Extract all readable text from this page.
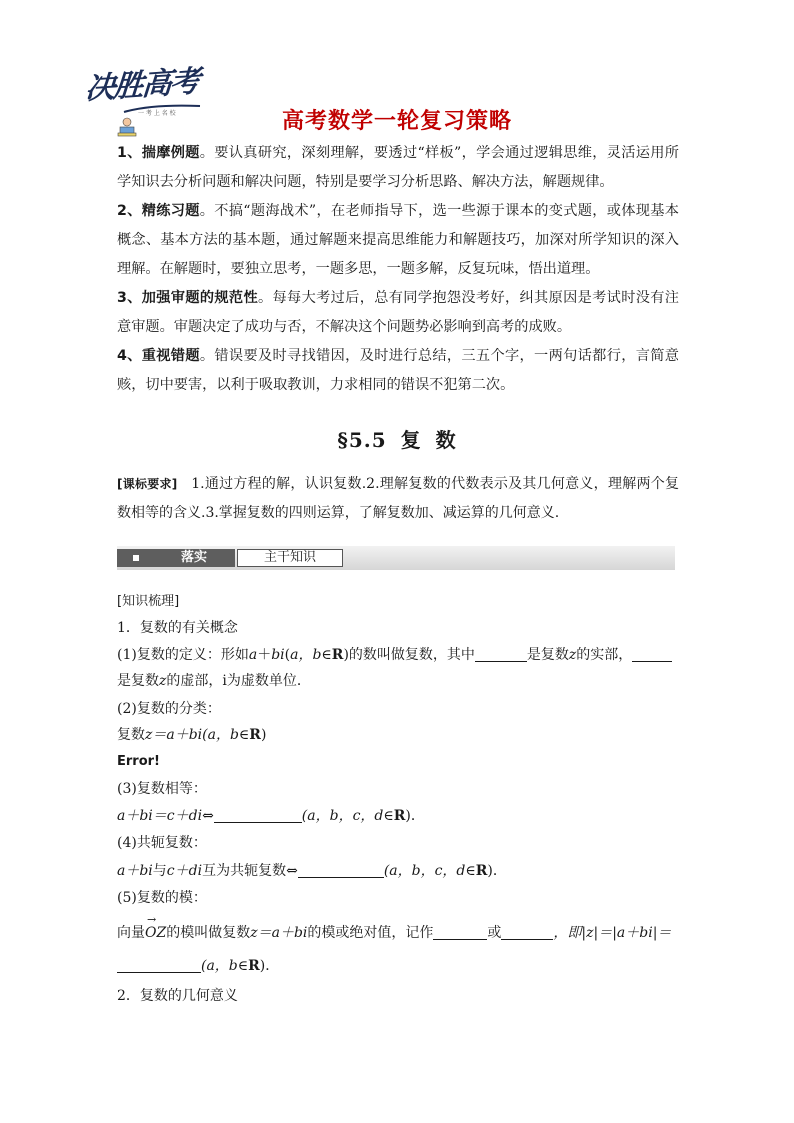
决胜高考
一 考 上 名 校	高考数学一轮复习策略

1、揣摩例题。要认真研究，深刻理解，要透过“样板”，学会通过逻辑思维，灵活运用所学知识去分析问题和解决问题，特别是要学习分析思路、解决方法，解题规律。

2、精练习题。不搞“题海战术”，在老师指导下，选一些源于课本的变式题，或体现基本概念、基本方法的基本题，通过解题来提高思维能力和解题技巧，加深对所学知识的深入理解。在解题时，要独立思考，一题多思，一题多解，反复玩味，悟出道理。

3、加强审题的规范性。每每大考过后，总有同学抱怨没考好，纠其原因是考试时没有注意审题。审题决定了成功与否，不解决这个问题势必影响到高考的成败。

4、重视错题。错误要及时寻找错因，及时进行总结，三五个字，一两句话都行，言简意赅，切中要害，以利于吸取教训，力求相同的错误不犯第二次。

§5.5 复 数
[课标要求] 1.通过方程的解，认识复数.2.理解复数的代数表示及其几何意义，理解两个复数相等的含义.3.掌握复数的四则运算，了解复数加、减运算的几何意义.
落实	主干知识
[知识梳理]
1．复数的有关概念
(1)复数的定义：形如a＋bi(a，b∈R)的数叫做复数，其中	是复数z的实部，
是复数z的虚部，i为虚数单位．
(2)复数的分类：
复数z＝a＋bi(a，b∈R)
Error!
(3)复数相等：
a＋bi＝c＋di⇔	(a，b，c，d∈R)．
(4)共轭复数：
a＋bi与c＋di互为共轭复数⇔	(a，b，c，d∈R)．
(5)复数的模：
向量→ OZ的模叫做复数z＝a＋bi的模或绝对值，记作	或	，即|z|＝|a＋bi|＝
(a，b∈R)．
2．复数的几何意义
